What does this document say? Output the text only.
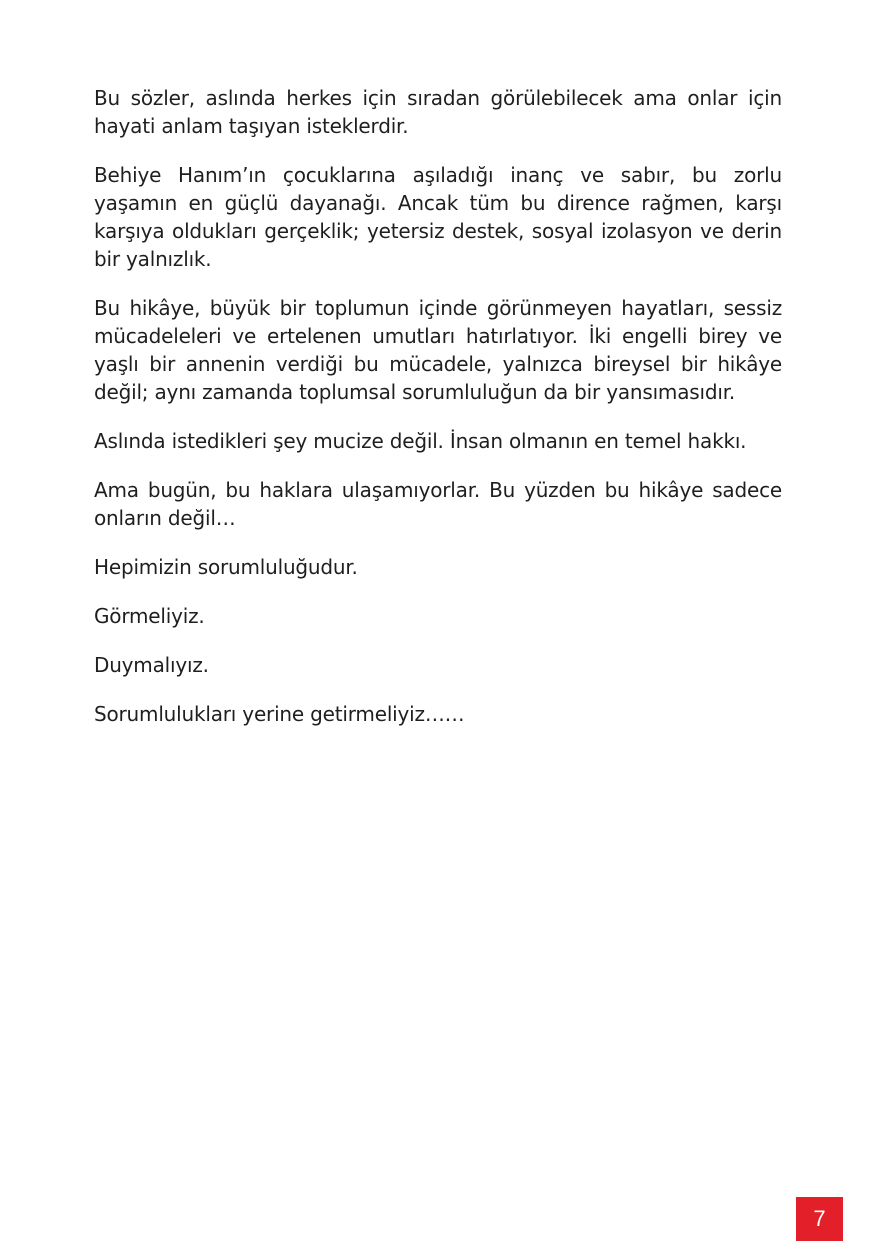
Bu sözler, aslında herkes için sıradan görülebilecek ama onlar için hayati anlam taşıyan isteklerdir.

Behiye Hanım’ın çocuklarına aşıladığı inanç ve sabır, bu zorlu yaşamın en güçlü dayanağı. Ancak tüm bu dirence rağmen, karşı karşıya oldukları gerçeklik; yetersiz destek, sosyal izolasyon ve derin bir yalnızlık.

Bu hikâye, büyük bir toplumun içinde görünmeyen hayatları, sessiz mücadeleleri ve ertelenen umutları hatırlatıyor. İki engelli birey ve yaşlı bir annenin verdiği bu mücadele, yalnızca bireysel bir hikâye değil; aynı zamanda toplumsal sorumluluğun da bir yansımasıdır.

Aslında istedikleri şey mucize değil. İnsan olmanın en temel hakkı.

Ama bugün, bu haklara ulaşamıyorlar. Bu yüzden bu hikâye sadece onların değil…

Hepimizin sorumluluğudur.

Görmeliyiz.

Duymalıyız.

Sorumlulukları yerine getirmeliyiz……

7
